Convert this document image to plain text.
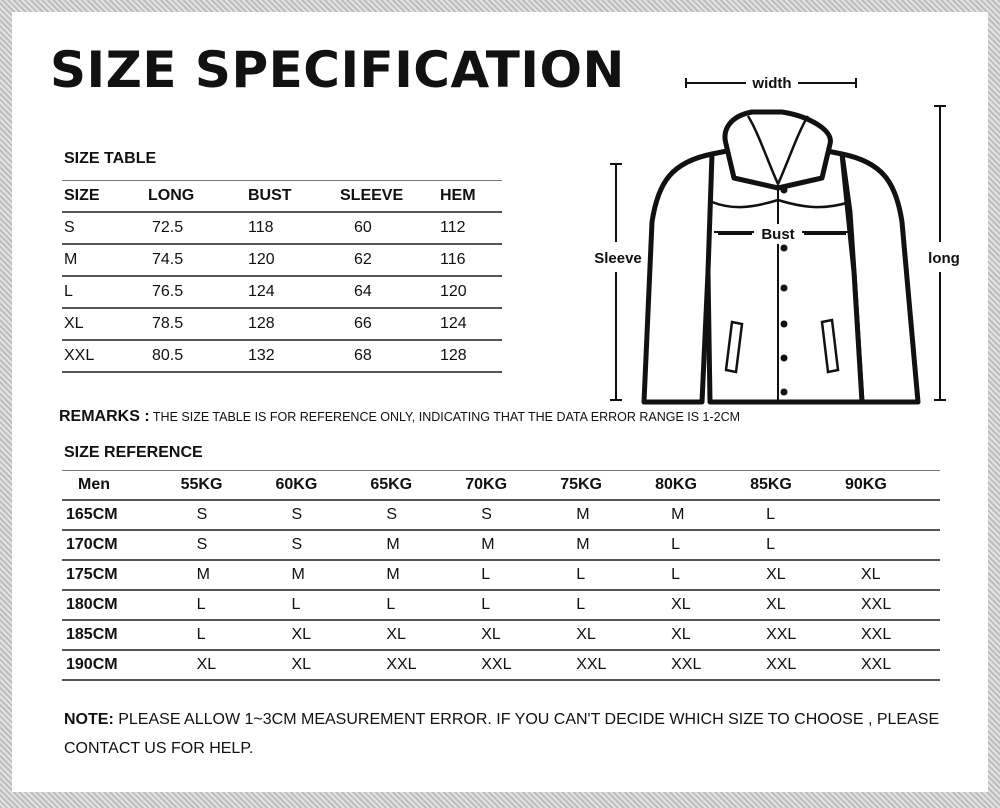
SIZE SPECIFICATION
SIZE TABLE
SIZE	LONG	BUST	SLEEVE	HEM
S	72.5	118	60	112
M	74.5	120	62	116
L	76.5	124	64	120
XL	78.5	128	66	124
XXL	80.5	132	68	128
width
Sleeve	long
Bust
REMARKS : THE SIZE TABLE IS FOR REFERENCE ONLY, INDICATING THAT THE DATA ERROR RANGE IS 1-2CM
SIZE REFERENCE
Men	55KG	60KG	65KG	70KG	75KG	80KG	85KG	90KG
165CM	S	S	S	S	M	M	L	
170CM	S	S	M	M	M	L	L	
175CM	M	M	M	L	L	L	XL	XL
180CM	L	L	L	L	L	XL	XL	XXL
185CM	L	XL	XL	XL	XL	XL	XXL	XXL
190CM	XL	XL	XXL	XXL	XXL	XXL	XXL	XXL
NOTE: PLEASE ALLOW 1~3CM MEASUREMENT ERROR. IF YOU CAN'T DECIDE WHICH SIZE TO CHOOSE , PLEASE CONTACT US FOR HELP.
